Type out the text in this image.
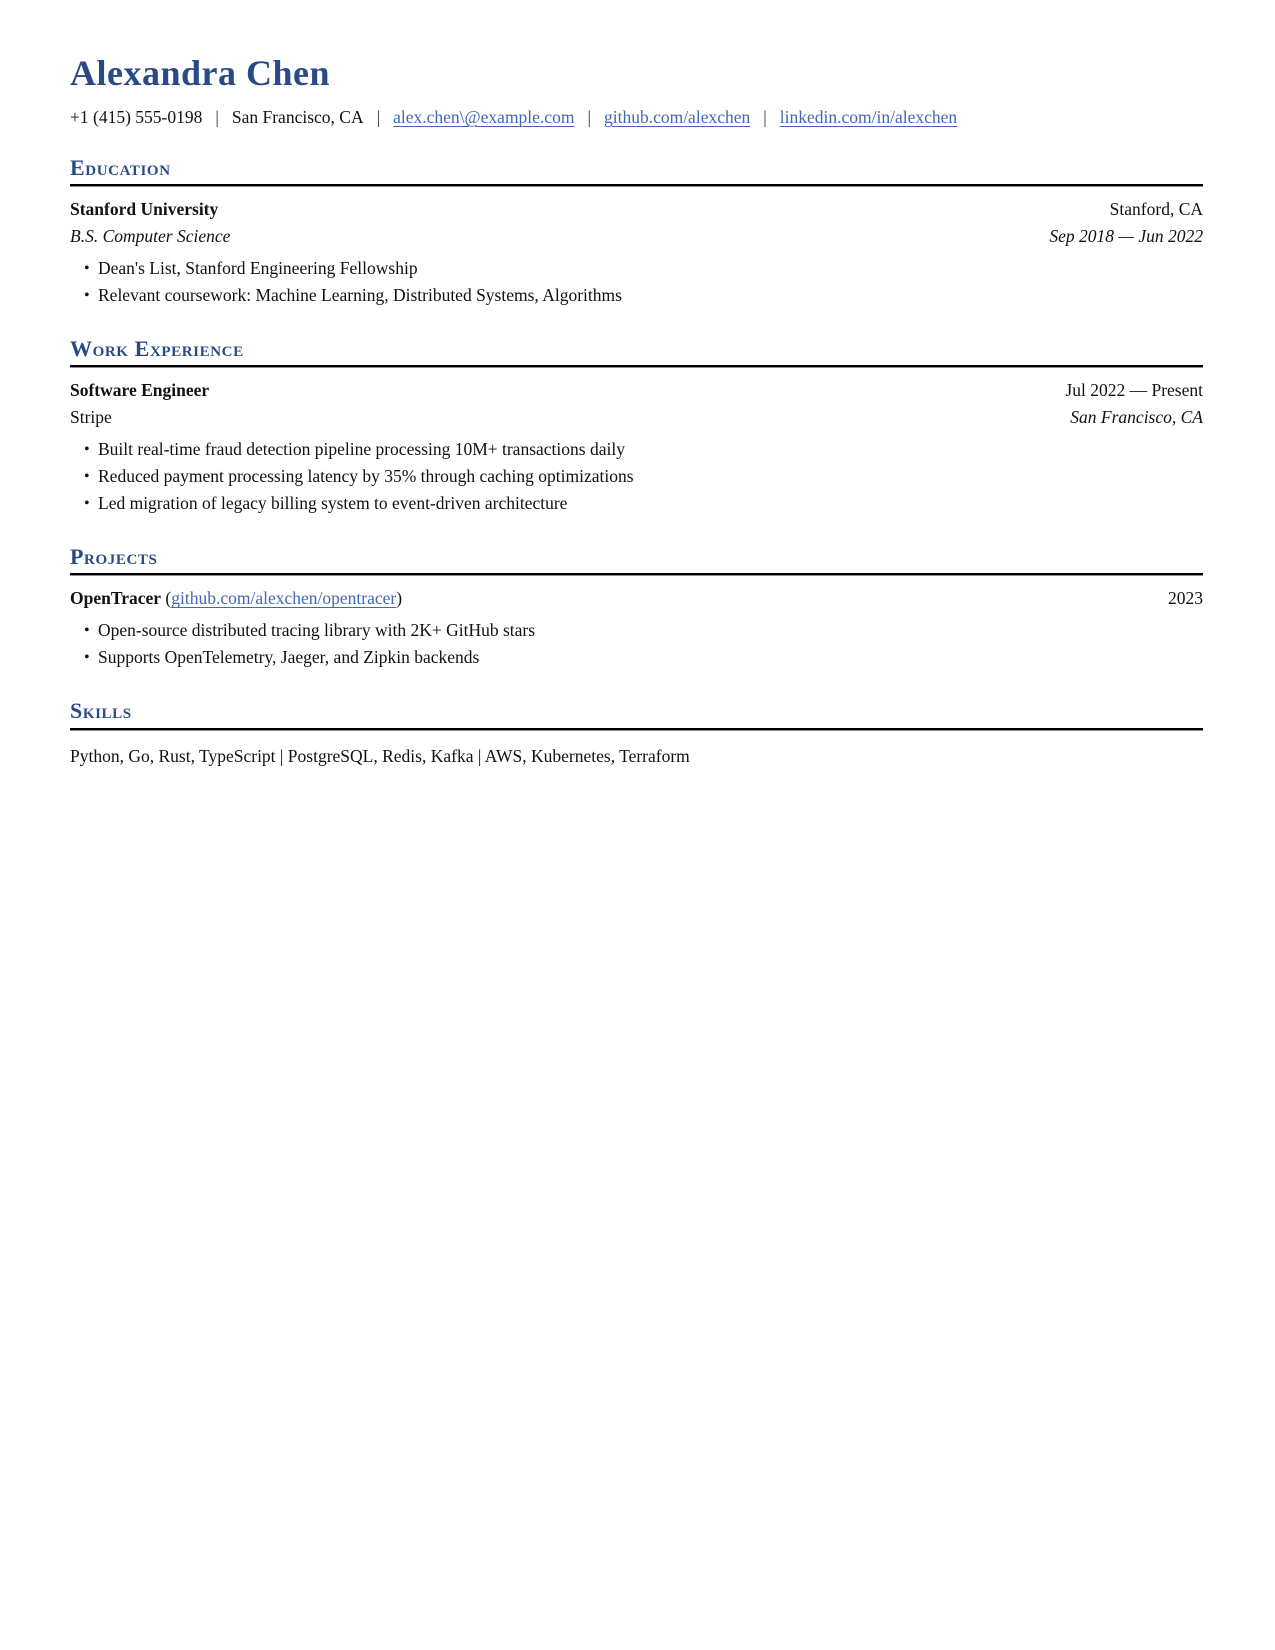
Alexandra Chen
+1 (415) 555-0198 | San Francisco, CA | alex.chen\@example.com | github.com/alexchen | linkedin.com/in/alexchen
Education
Stanford University	Stanford, CA
B.S. Computer Science	Sep 2018 — Jun 2022
• Dean's List, Stanford Engineering Fellowship
• Relevant coursework: Machine Learning, Distributed Systems, Algorithms
Work Experience
Software Engineer	Jul 2022 — Present
Stripe	San Francisco, CA
• Built real-time fraud detection pipeline processing 10M+ transactions daily
• Reduced payment processing latency by 35% through caching optimizations
• Led migration of legacy billing system to event-driven architecture
Projects
OpenTracer (github.com/alexchen/opentracer)	2023
• Open-source distributed tracing library with 2K+ GitHub stars
• Supports OpenTelemetry, Jaeger, and Zipkin backends
Skills
Python, Go, Rust, TypeScript | PostgreSQL, Redis, Kafka | AWS, Kubernetes, Terraform
